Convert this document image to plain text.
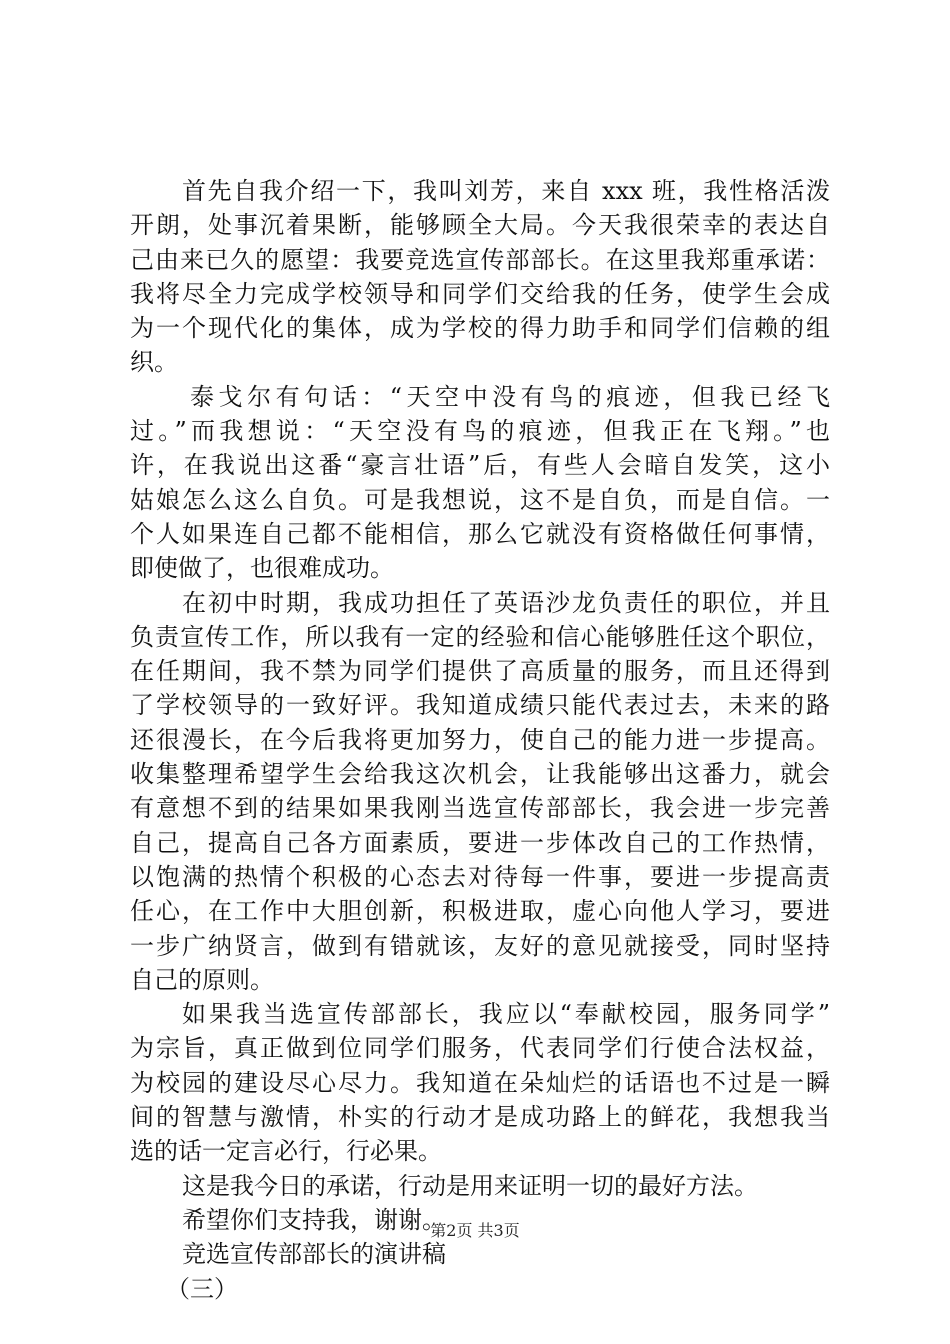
首先自我介绍一下，我叫刘芳，来自 xxx 班，我性格活泼
开朗，处事沉着果断，能够顾全大局。今天我很荣幸的表达自
己由来已久的愿望：我要竞选宣传部部长。在这里我郑重承诺：
我将尽全力完成学校领导和同学们交给我的任务，使学生会成
为一个现代化的集体，成为学校的得力助手和同学们信赖的组
织。
泰戈尔有句话：“天空中没有鸟的痕迹，但我已经飞
过。”而我想说：“天空没有鸟的痕迹，但我正在飞翔。”也
许，在我说出这番“豪言壮语”后，有些人会暗自发笑，这小
姑娘怎么这么自负。可是我想说，这不是自负，而是自信。一
个人如果连自己都不能相信，那么它就没有资格做任何事情，
即使做了，也很难成功。
在初中时期，我成功担任了英语沙龙负责任的职位，并且
负责宣传工作，所以我有一定的经验和信心能够胜任这个职位，
在任期间，我不禁为同学们提供了高质量的服务，而且还得到
了学校领导的一致好评。我知道成绩只能代表过去，未来的路
还很漫长，在今后我将更加努力，使自己的能力进一步提高。
收集整理希望学生会给我这次机会，让我能够出这番力，就会
有意想不到的结果如果我刚当选宣传部部长，我会进一步完善
自己，提高自己各方面素质，要进一步体改自己的工作热情，
以饱满的热情个积极的心态去对待每一件事，要进一步提高责
任心，在工作中大胆创新，积极进取，虚心向他人学习，要进
一步广纳贤言，做到有错就该，友好的意见就接受，同时坚持
自己的原则。
如果我当选宣传部部长，我应以“奉献校园，服务同学”
为宗旨，真正做到位同学们服务，代表同学们行使合法权益，
为校园的建设尽心尽力。我知道在朵灿烂的话语也不过是一瞬
间的智慧与激情，朴实的行动才是成功路上的鲜花，我想我当
选的话一定言必行，行必果。
这是我今日的承诺，行动是用来证明一切的最好方法。
希望你们支持我，谢谢。
竞选宣传部部长的演讲稿
（三）
第2页 共3页
